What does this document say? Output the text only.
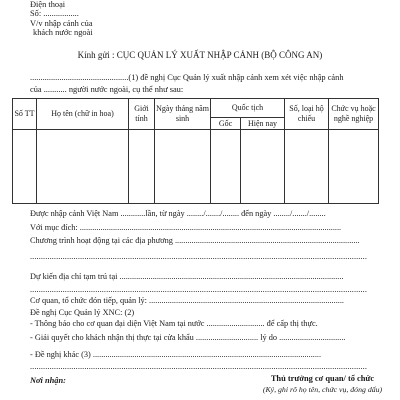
Điện thoại
Số: .................
V/v nhập cảnh của
khách nước ngoài
Kính gửi : CỤC QUẢN LÝ XUẤT NHẬP CẢNH (BỘ CÔNG AN)
...............................................(1) đề nghị Cục Quản lý xuất nhập cảnh xem xét việc nhập cảnh
của ........... người nước ngoài, cụ thể như sau:
Số TT	Họ tên (chữ in hoa)	Giới tính	Ngày tháng năm sinh	Quốc tịch		Số, loại hộ chiếu	Chức vụ hoặc nghề nghiệp
				Gốc	Hiện nay		

Được nhập cảnh Việt Nam ............lần, từ ngày ......../......./........ đến ngày ......../......./........
Với mục đích: ..............................................................................................................................
Chương trình hoạt động tại các địa phương .........................................................................................
...........................................................................................................................................................
Dự kiến địa chỉ tạm trú tại ............................................................................................................
...........................................................................................................................................................
Cơ quan, tổ chức đón tiếp, quản lý: ..............................................................................................
Đề nghị Cục Quản lý XNC: (2)
- Thông báo cho cơ quan đại diện Việt Nam tại nước ............................ để cấp thị thực.
- Giải quyết cho khách nhận thị thực tại cửa khẩu .............................. lý do ................................
- Đề nghị khác (3) ..............................................................................................................
...........................................................................................................................................................
Nơi nhận:	Thủ trưởng cơ quan/ tổ chức
(Ký, ghi rõ họ tên, chức vụ, đóng dấu)
